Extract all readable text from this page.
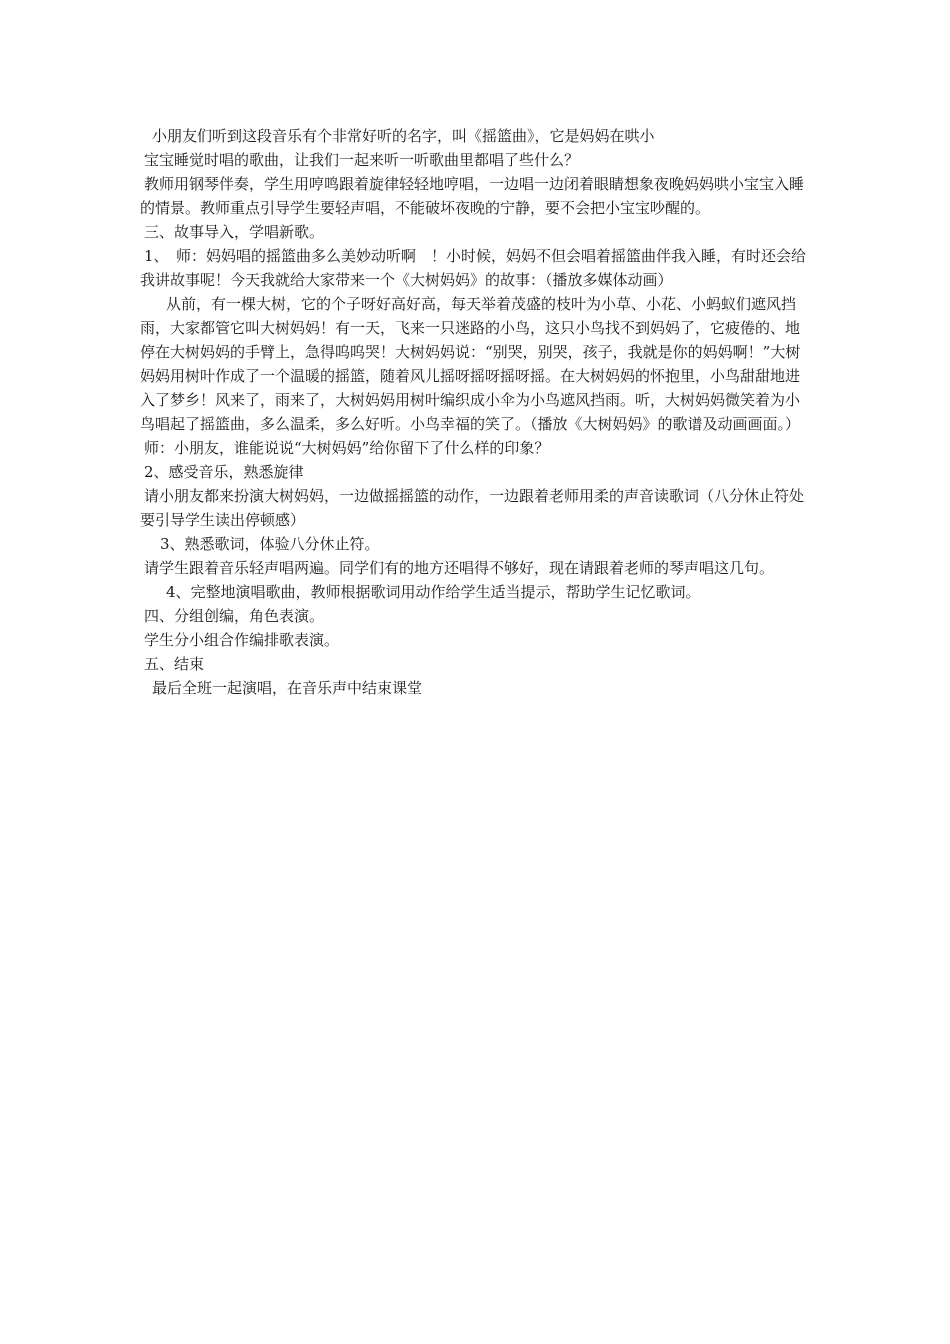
小朋友们听到这段音乐有个非常好听的名字，叫《摇篮曲》，它是妈妈在哄小

宝宝睡觉时唱的歌曲，让我们一起来听一听歌曲里都唱了些什么？

教师用钢琴伴奏，学生用哼鸣跟着旋律轻轻地哼唱，一边唱一边闭着眼睛想象夜晚妈妈哄小宝宝入睡的情景。教师重点引导学生要轻声唱，不能破坏夜晚的宁静，要不会把小宝宝吵醒的。

三、故事导入，学唱新歌。

1、　师：妈妈唱的摇篮曲多么美妙动听啊　！小时候，妈妈不但会唱着摇篮曲伴我入睡，有时还会给我讲故事呢！今天我就给大家带来一个《大树妈妈》的故事：（播放多媒体动画）

从前，有一棵大树，它的个子呀好高好高，每天举着茂盛的枝叶为小草、小花、小蚂蚁们遮风挡雨，大家都管它叫大树妈妈！有一天，飞来一只迷路的小鸟，这只小鸟找不到妈妈了，它疲倦的、地停在大树妈妈的手臂上，急得呜呜哭！大树妈妈说：“别哭，别哭，孩子，我就是你的妈妈啊！”大树妈妈用树叶作成了一个温暖的摇篮，随着风儿摇呀摇呀摇呀摇。在大树妈妈的怀抱里，小鸟甜甜地进入了梦乡！风来了，雨来了，大树妈妈用树叶编织成小伞为小鸟遮风挡雨。听，大树妈妈微笑着为小鸟唱起了摇篮曲，多么温柔，多么好听。小鸟幸福的笑了。（播放《大树妈妈》的歌谱及动画画面。）

师：小朋友，谁能说说“大树妈妈”给你留下了什么样的印象？

2、感受音乐，熟悉旋律

请小朋友都来扮演大树妈妈，一边做摇摇篮的动作，一边跟着老师用柔的声音读歌词（八分休止符处要引导学生读出停顿感）

3、熟悉歌词，体验八分休止符。

请学生跟着音乐轻声唱两遍。同学们有的地方还唱得不够好，现在请跟着老师的琴声唱这几句。

4、完整地演唱歌曲，教师根据歌词用动作给学生适当提示，帮助学生记忆歌词。

四、分组创编，角色表演。

学生分小组合作编排歌表演。

五、结束

最后全班一起演唱，在音乐声中结束课堂
